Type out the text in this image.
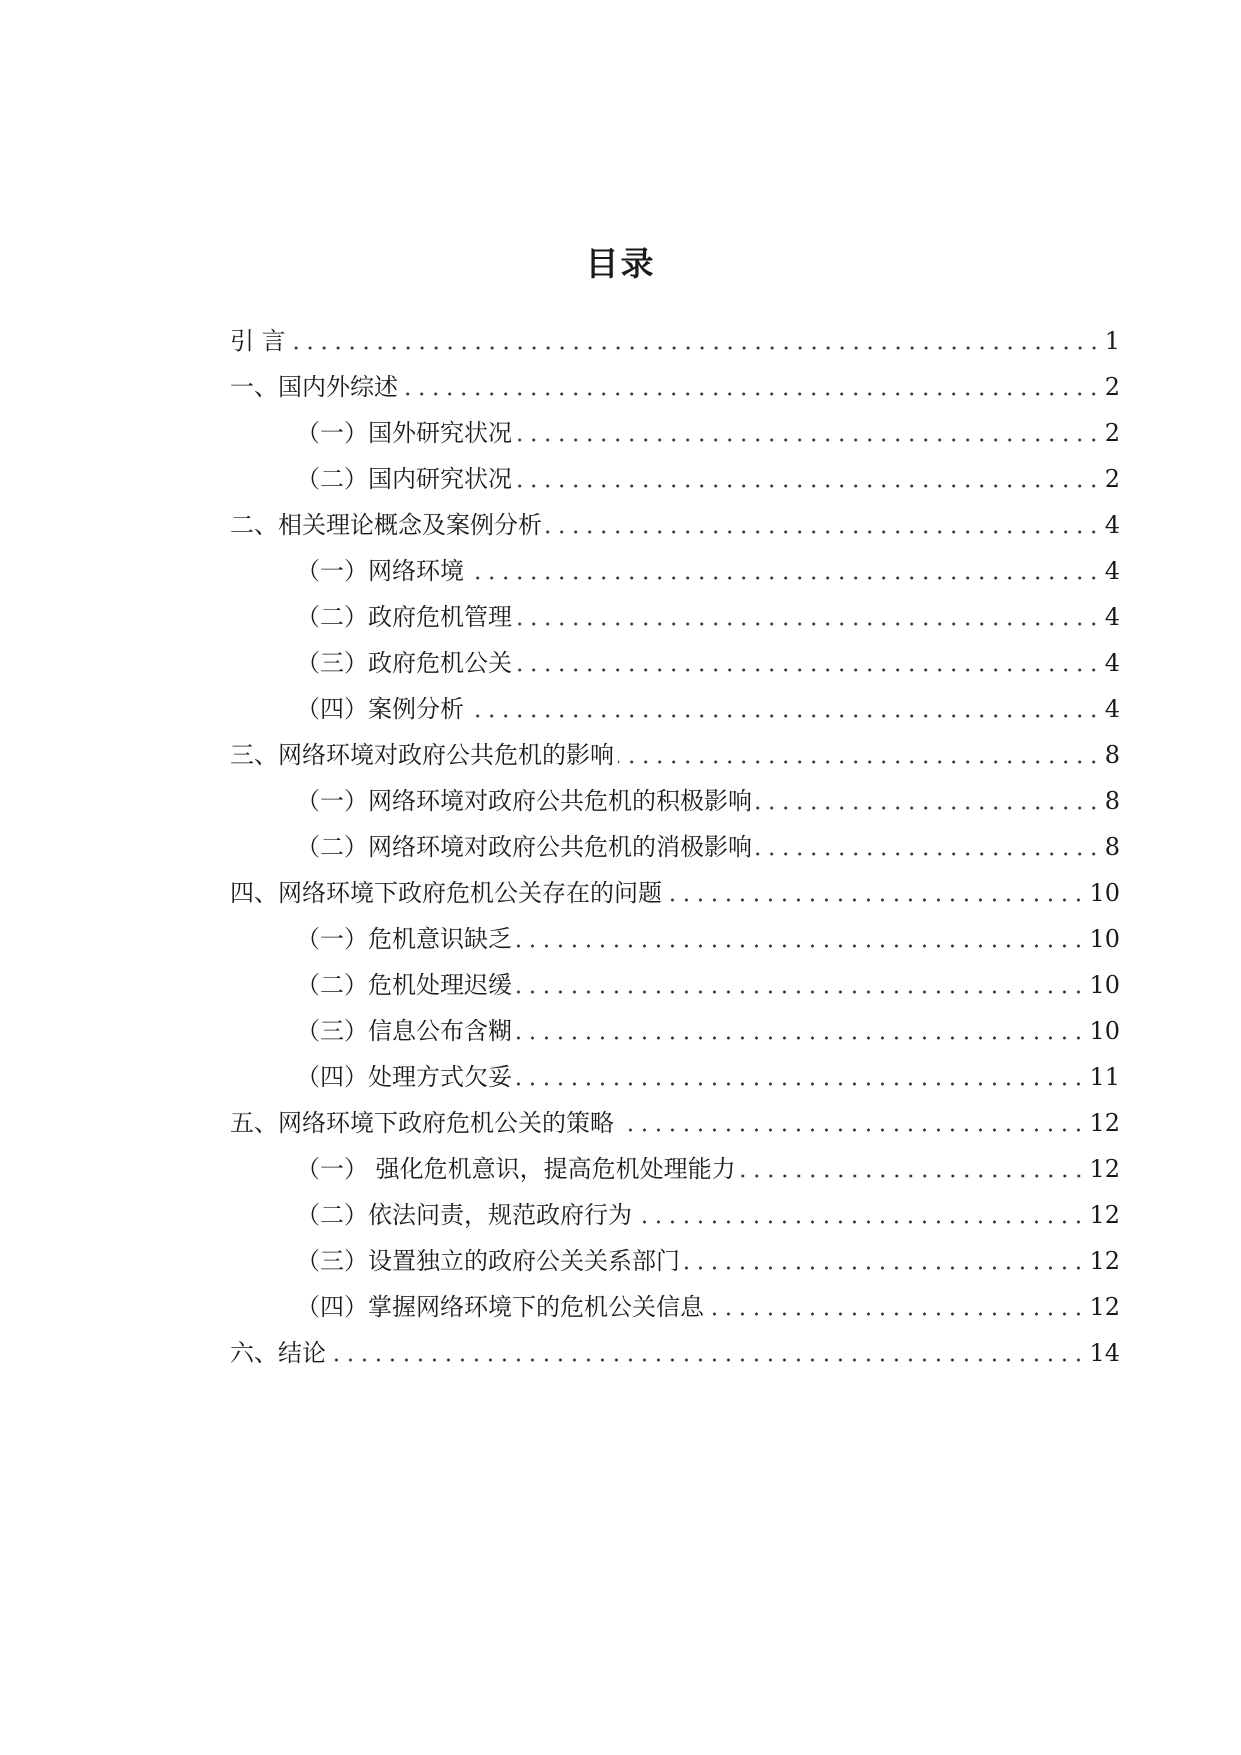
目录
引 言	1
一、国内外综述	2
（一）国外研究状况	2
（二）国内研究状况	2
二、相关理论概念及案例分析	4
（一）网络环境	4
（二）政府危机管理	4
（三）政府危机公关	4
（四）案例分析	4
三、网络环境对政府公共危机的影响	8
（一）网络环境对政府公共危机的积极影响	8
（二）网络环境对政府公共危机的消极影响	8
四、网络环境下政府危机公关存在的问题	10
（一）危机意识缺乏	10
（二）危机处理迟缓	10
（三）信息公布含糊	10
（四）处理方式欠妥	11
五、网络环境下政府危机公关的策略	12
（一） 强化危机意识，提高危机处理能力	12
（二）依法问责，规范政府行为	12
（三）设置独立的政府公关关系部门	12
（四）掌握网络环境下的危机公关信息	12
六、结论	14
